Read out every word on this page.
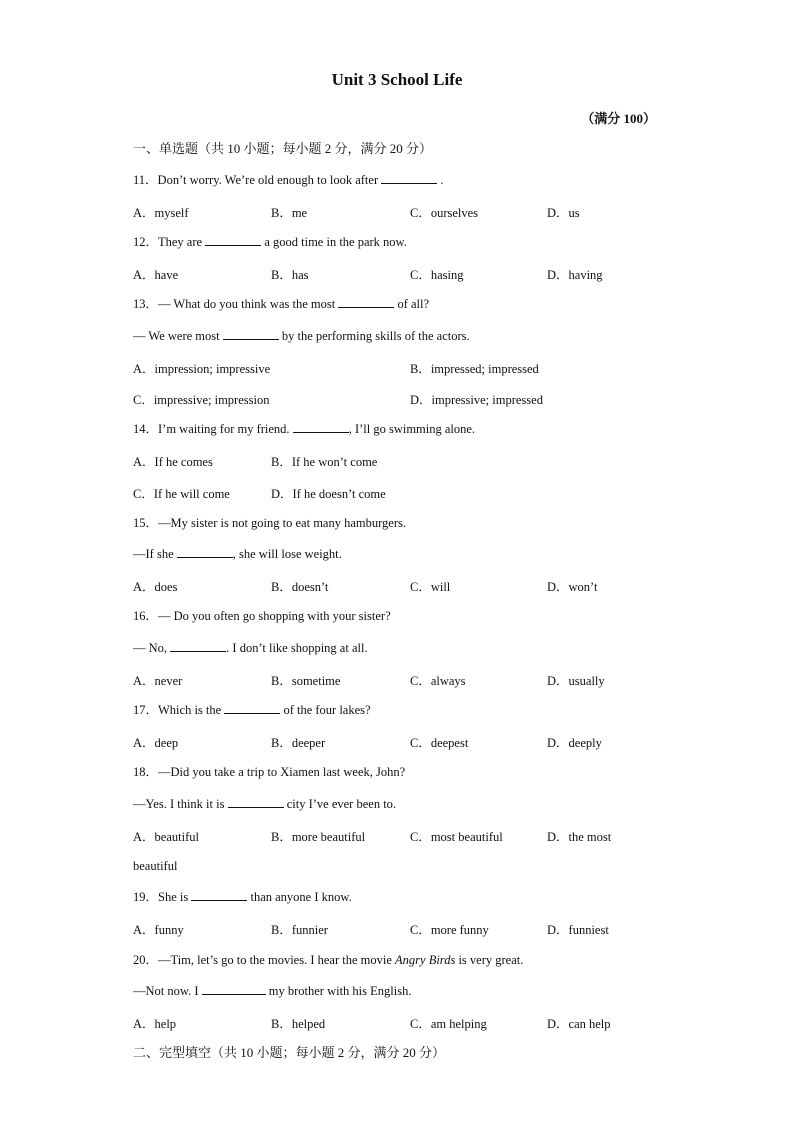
Unit 3 School Life
（满分 100）
一、单选题（共 10 小题；每小题 2 分，满分 20 分）
11．Don’t worry. We’re old enough to look after	.
A．myself	B．me	C．ourselves	D．us
12．They are	a good time in the park now.
A．have	B．has	C．hasing	D．having
13．— What do you think was the most	of all?
— We were most	by the performing skills of the actors.
A．impression; impressive	B．impressed; impressed
C．impressive; impression	D．impressive; impressed
14．I’m waiting for my friend.	, I’ll go swimming alone.
A．If he comes	B．If he won’t come
C．If he will come	D．If he doesn’t come
15．—My sister is not going to eat many hamburgers.
—If she	, she will lose weight.
A．does	B．doesn’t	C．will	D．won’t
16．— Do you often go shopping with your sister?
— No,	. I don’t like shopping at all.
A．never	B．sometime	C．always	D．usually
17．Which is the	of the four lakes?
A．deep	B．deeper	C．deepest	D．deeply
18．—Did you take a trip to Xiamen last week, John?
—Yes. I think it is	city I’ve ever been to.
A．beautiful	B．more beautiful	C．most beautiful	D．the most
beautiful
19．She is	than anyone I know.
A．funny	B．funnier	C．more funny	D．funniest
20．—Tim, let’s go to the movies. I hear the movie Angry Birds is very great.
—Not now. I	my brother with his English.
A．help	B．helped	C．am helping	D．can help
二、完型填空（共 10 小题；每小题 2 分，满分 20 分）
